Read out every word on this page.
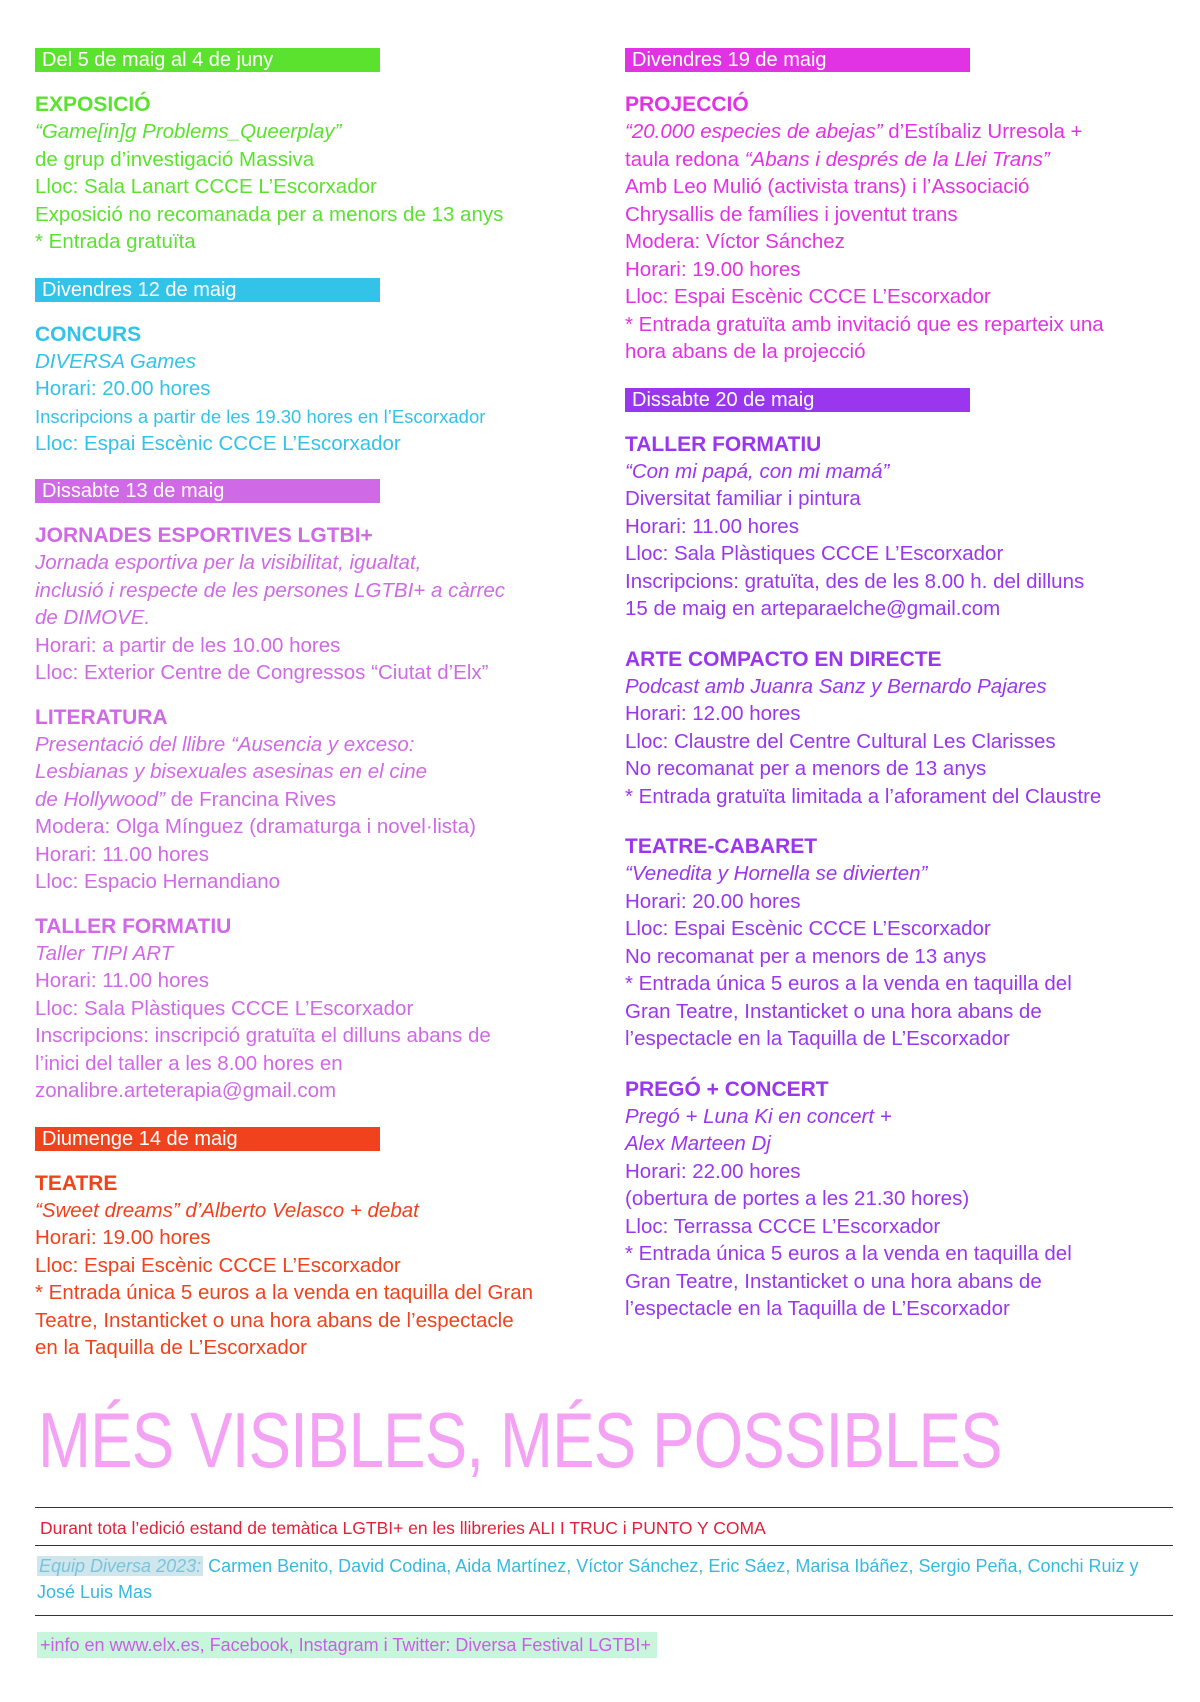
Del 5 de maig al 4 de juny
EXPOSICIÓ
“Game[in]g Problems_Queerplay”
de grup d’investigació Massiva
Lloc: Sala Lanart CCCE L’Escorxador
Exposició no recomanada per a menors de 13 anys
* Entrada gratuïta
Divendres 12 de maig
CONCURS
DIVERSA Games
Horari: 20.00 hores
Inscripcions a partir de les 19.30 hores en l’Escorxador
Lloc: Espai Escènic CCCE L’Escorxador
Dissabte 13 de maig
JORNADES ESPORTIVES LGTBI+
Jornada esportiva per la visibilitat, igualtat,
inclusió i respecte de les persones LGTBI+ a càrrec
de DIMOVE.
Horari: a partir de les 10.00 hores
Lloc: Exterior Centre de Congressos “Ciutat d’Elx”
LITERATURA
Presentació del llibre “Ausencia y exceso:
Lesbianas y bisexuales asesinas en el cine
de Hollywood” de Francina Rives
Modera: Olga Mínguez (dramaturga i novel·lista)
Horari: 11.00 hores
Lloc: Espacio Hernandiano
TALLER FORMATIU
Taller TIPI ART
Horari: 11.00 hores
Lloc: Sala Plàstiques CCCE L’Escorxador
Inscripcions: inscripció gratuïta el dilluns abans de
l’inici del taller a les 8.00 hores en
zonalibre.arteterapia@gmail.com
Diumenge 14 de maig
TEATRE
“Sweet dreams” d’Alberto Velasco + debat
Horari: 19.00 hores
Lloc: Espai Escènic CCCE L’Escorxador
* Entrada única 5 euros a la venda en taquilla del Gran
Teatre, Instanticket o una hora abans de l’espectacle
en la Taquilla de L’Escorxador
Divendres 19 de maig
PROJECCIÓ
“20.000 especies de abejas” d’Estíbaliz Urresola +
taula redona “Abans i després de la Llei Trans”
Amb Leo Mulió (activista trans) i l’Associació
Chrysallis de famílies i joventut trans
Modera: Víctor Sánchez
Horari: 19.00 hores
Lloc: Espai Escènic CCCE L’Escorxador
* Entrada gratuïta amb invitació que es reparteix una
hora abans de la projecció
Dissabte 20 de maig
TALLER FORMATIU
“Con mi papá, con mi mamá”
Diversitat familiar i pintura
Horari: 11.00 hores
Lloc: Sala Plàstiques CCCE L’Escorxador
Inscripcions: gratuïta, des de les 8.00 h. del dilluns
15 de maig en arteparaelche@gmail.com
ARTE COMPACTO EN DIRECTE
Podcast amb Juanra Sanz y Bernardo Pajares
Horari: 12.00 hores
Lloc: Claustre del Centre Cultural Les Clarisses
No recomanat per a menors de 13 anys
* Entrada gratuïta limitada a l’aforament del Claustre
TEATRE-CABARET
“Venedita y Hornella se divierten”
Horari: 20.00 hores
Lloc: Espai Escènic CCCE L’Escorxador
No recomanat per a menors de 13 anys
* Entrada única 5 euros a la venda en taquilla del
Gran Teatre, Instanticket o una hora abans de
l’espectacle en la Taquilla de L’Escorxador
PREGÓ + CONCERT
Pregó + Luna Ki en concert +
Alex Marteen Dj
Horari: 22.00 hores
(obertura de portes a les 21.30 hores)
Lloc: Terrassa CCCE L’Escorxador
* Entrada única 5 euros a la venda en taquilla del
Gran Teatre, Instanticket o una hora abans de
l’espectacle en la Taquilla de L’Escorxador
MÉS VISIBLES, MÉS POSSIBLES
Durant tota l’edició estand de temàtica LGTBI+ en les llibreries ALI I TRUC i PUNTO Y COMA
Equip Diversa 2023: Carmen Benito, David Codina, Aida Martínez, Víctor Sánchez, Eric Sáez, Marisa Ibáñez, Sergio Peña, Conchi Ruiz y José Luis Mas
+info en www.elx.es, Facebook, Instagram i Twitter: Diversa Festival LGTBI+
